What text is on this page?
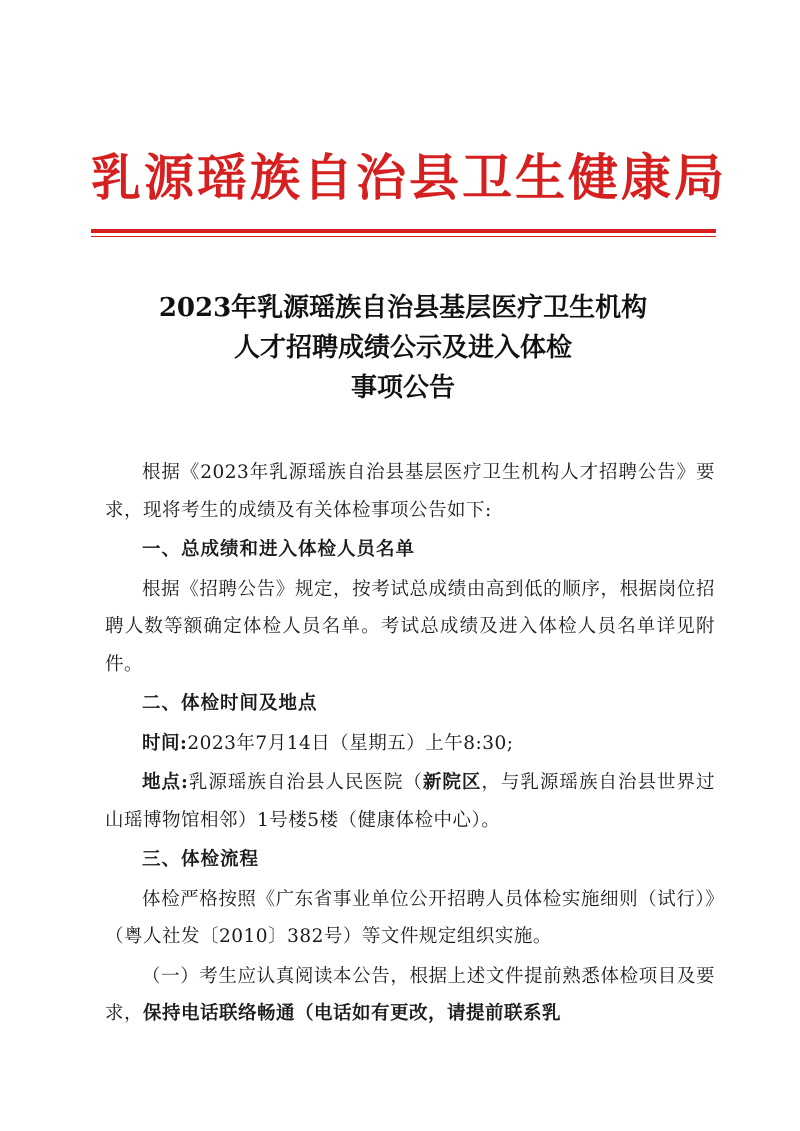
乳源瑶族自治县卫生健康局
2023年乳源瑶族自治县基层医疗卫生机构
人才招聘成绩公示及进入体检
事项公告

根据《2023年乳源瑶族自治县基层医疗卫生机构人才招聘公告》要求，现将考生的成绩及有关体检事项公告如下:

一、总成绩和进入体检人员名单

根据《招聘公告》规定，按考试总成绩由高到低的顺序，根据岗位招聘人数等额确定体检人员名单。考试总成绩及进入体检人员名单详见附件。

二、体检时间及地点

时间:2023年7月14日（星期五）上午8:30;

地点:乳源瑶族自治县人民医院（新院区，与乳源瑶族自治县世界过山瑶博物馆相邻）1号楼5楼（健康体检中心）。

三、体检流程

体检严格按照《广东省事业单位公开招聘人员体检实施细则（试行）》（粤人社发〔2010〕382号）等文件规定组织实施。

（一）考生应认真阅读本公告，根据上述文件提前熟悉体检项目及要求，保持电话联络畅通（电话如有更改，请提前联系乳
